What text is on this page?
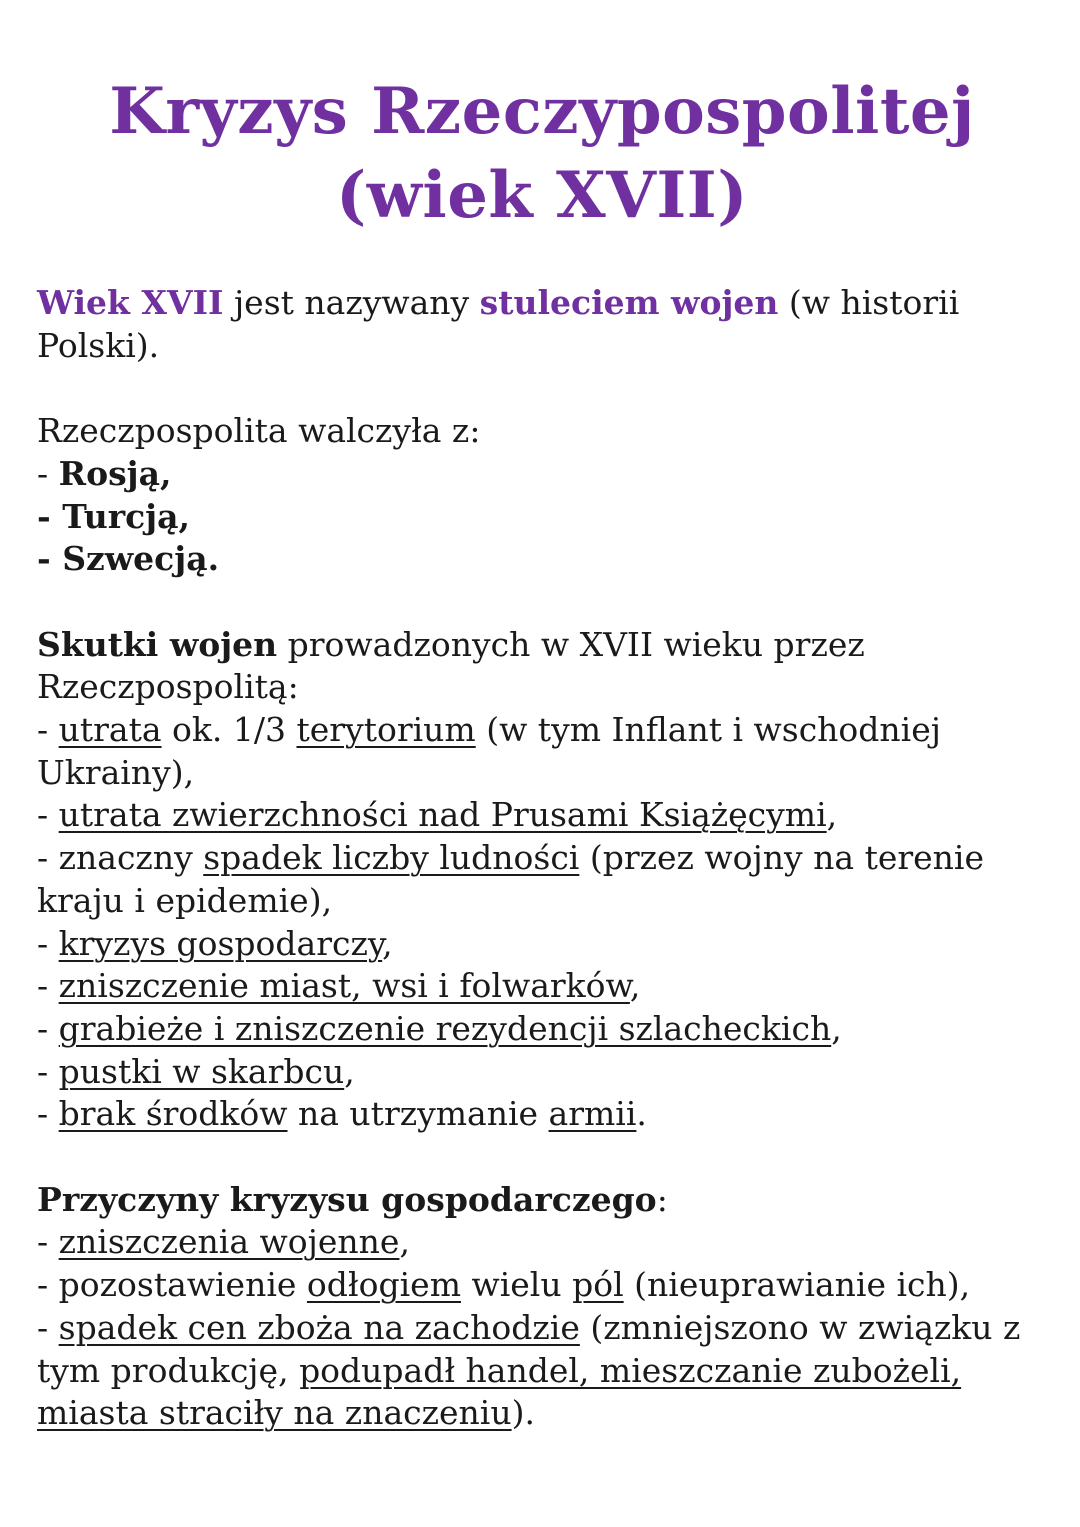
Kryzys Rzeczypospolitej
(wiek XVII)

Wiek XVII jest nazywany stuleciem wojen (w historii Polski).

Rzeczpospolita walczyła z:

- Rosją,

- Turcją,

- Szwecją.

Skutki wojen prowadzonych w XVII wieku przez Rzeczpospolitą:

- utrata ok. 1/3 terytorium (w tym Inflant i wschodniej Ukrainy),

- utrata zwierzchności nad Prusami Książęcymi,

- znaczny spadek liczby ludności (przez wojny na terenie kraju i epidemie),

- kryzys gospodarczy,

- zniszczenie miast, wsi i folwarków,

- grabieże i zniszczenie rezydencji szlacheckich,

- pustki w skarbcu,

- brak środków na utrzymanie armii.

Przyczyny kryzysu gospodarczego:

- zniszczenia wojenne,

- pozostawienie odłogiem wielu pól (nieuprawianie ich),

- spadek cen zboża na zachodzie (zmniejszono w związku z tym produkcję, podupadł handel, mieszczanie zubożeli, miasta straciły na znaczeniu).
